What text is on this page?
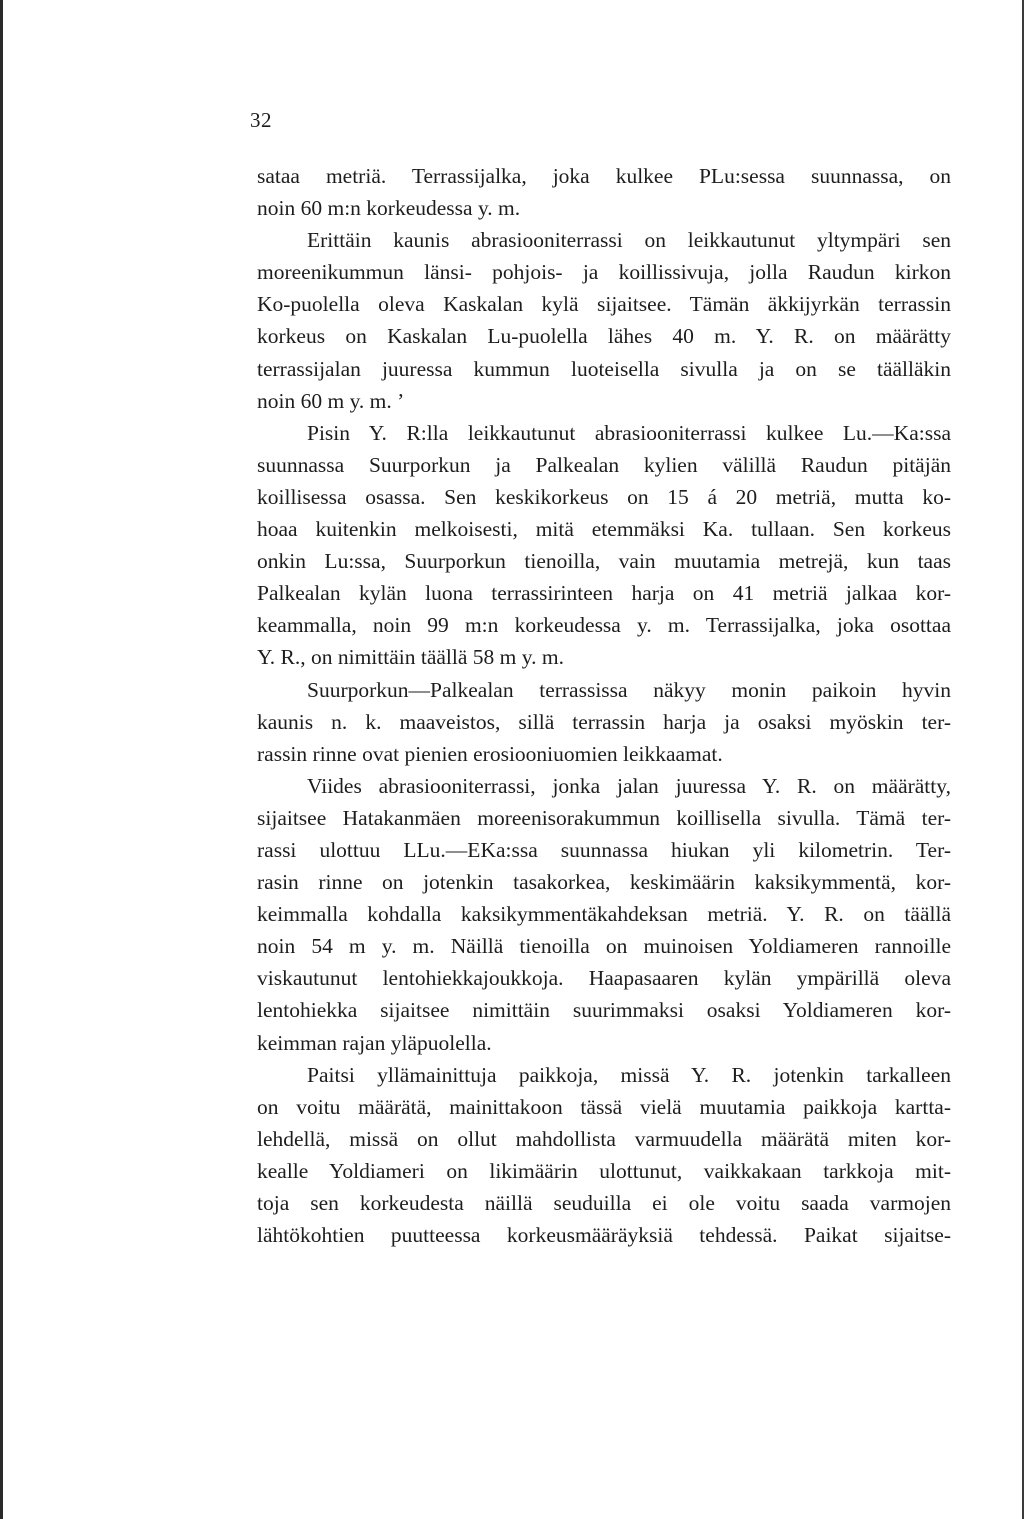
32
sataa metriä. Terrassijalka, joka kulkee PLu:sessa suunnassa, on
noin 60 m:n korkeudessa y. m.
Erittäin kaunis abrasiooniterrassi on leikkautunut yltympäri sen
moreenikummun länsi- pohjois- ja koillissivuja, jolla Raudun kirkon
Ko-puolella oleva Kaskalan kylä sijaitsee. Tämän äkkijyrkän terrassin
korkeus on Kaskalan Lu-puolella lähes 40 m. Y. R. on määrätty
terrassijalan juuressa kummun luoteisella sivulla ja on se täälläkin
noin 60 m y. m. ’
Pisin Y. R:lla leikkautunut abrasiooniterrassi kulkee Lu.—Ka:ssa
suunnassa Suurporkun ja Palkealan kylien välillä Raudun pitäjän
koillisessa osassa. Sen keskikorkeus on 15 á 20 metriä, mutta ko-
hoaa kuitenkin melkoisesti, mitä etemmäksi Ka. tullaan. Sen korkeus
onkin Lu:ssa, Suurporkun tienoilla, vain muutamia metrejä, kun taas
Palkealan kylän luona terrassirinteen harja on 41 metriä jalkaa kor-
keammalla, noin 99 m:n korkeudessa y. m. Terrassijalka, joka osottaa
Y. R., on nimittäin täällä 58 m y. m.
Suurporkun—Palkealan terrassissa näkyy monin paikoin hyvin
kaunis n. k. maaveistos, sillä terrassin harja ja osaksi myöskin ter-
rassin rinne ovat pienien erosiooniuomien leikkaamat.
Viides abrasiooniterrassi, jonka jalan juuressa Y. R. on määrätty,
sijaitsee Hatakanmäen moreenisorakummun koillisella sivulla. Tämä ter-
rassi ulottuu LLu.—EKa:ssa suunnassa hiukan yli kilometrin. Ter-
rasin rinne on jotenkin tasakorkea, keskimäärin kaksikymmentä, kor-
keimmalla kohdalla kaksikymmentäkahdeksan metriä. Y. R. on täällä
noin 54 m y. m. Näillä tienoilla on muinoisen Yoldiameren rannoille
viskautunut lentohiekkajoukkoja. Haapasaaren kylän ympärillä oleva
lentohiekka sijaitsee nimittäin suurimmaksi osaksi Yoldiameren kor-
keimman rajan yläpuolella.
Paitsi yllämainittuja paikkoja, missä Y. R. jotenkin tarkalleen
on voitu määrätä, mainittakoon tässä vielä muutamia paikkoja kartta-
lehdellä, missä on ollut mahdollista varmuudella määrätä miten kor-
kealle Yoldiameri on likimäärin ulottunut, vaikkakaan tarkkoja mit-
toja sen korkeudesta näillä seuduilla ei ole voitu saada varmojen
lähtökohtien puutteessa korkeusmääräyksiä tehdessä. Paikat sijaitse-
